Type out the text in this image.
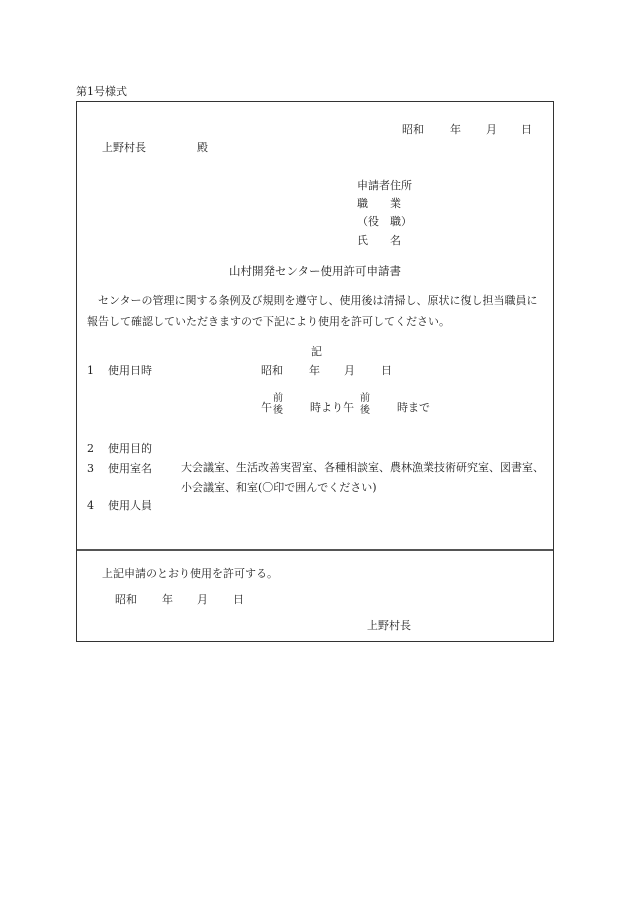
第1号様式
昭和 年 月 日
上野村長	殿
申請者住所
職　　業
（役　職）
氏　　名
山村開発センター使用許可申請書
センターの管理に関する条例及び規則を遵守し、使用後は清掃し、原状に復し担当職員に報告して確認していただきますので下記により使用を許可してください。
記
1 使用日時	昭和 年 月 日
午
前
後 時より 午
前
後 時まで
2 使用目的
3 使用室名	大会議室、生活改善実習室、各種相談室、農林漁業技術研究室、図書室、小会議室、和室(〇印で囲んでください)
4 使用人員
上記申請のとおり使用を許可する。
昭和 年 月 日
上野村長
